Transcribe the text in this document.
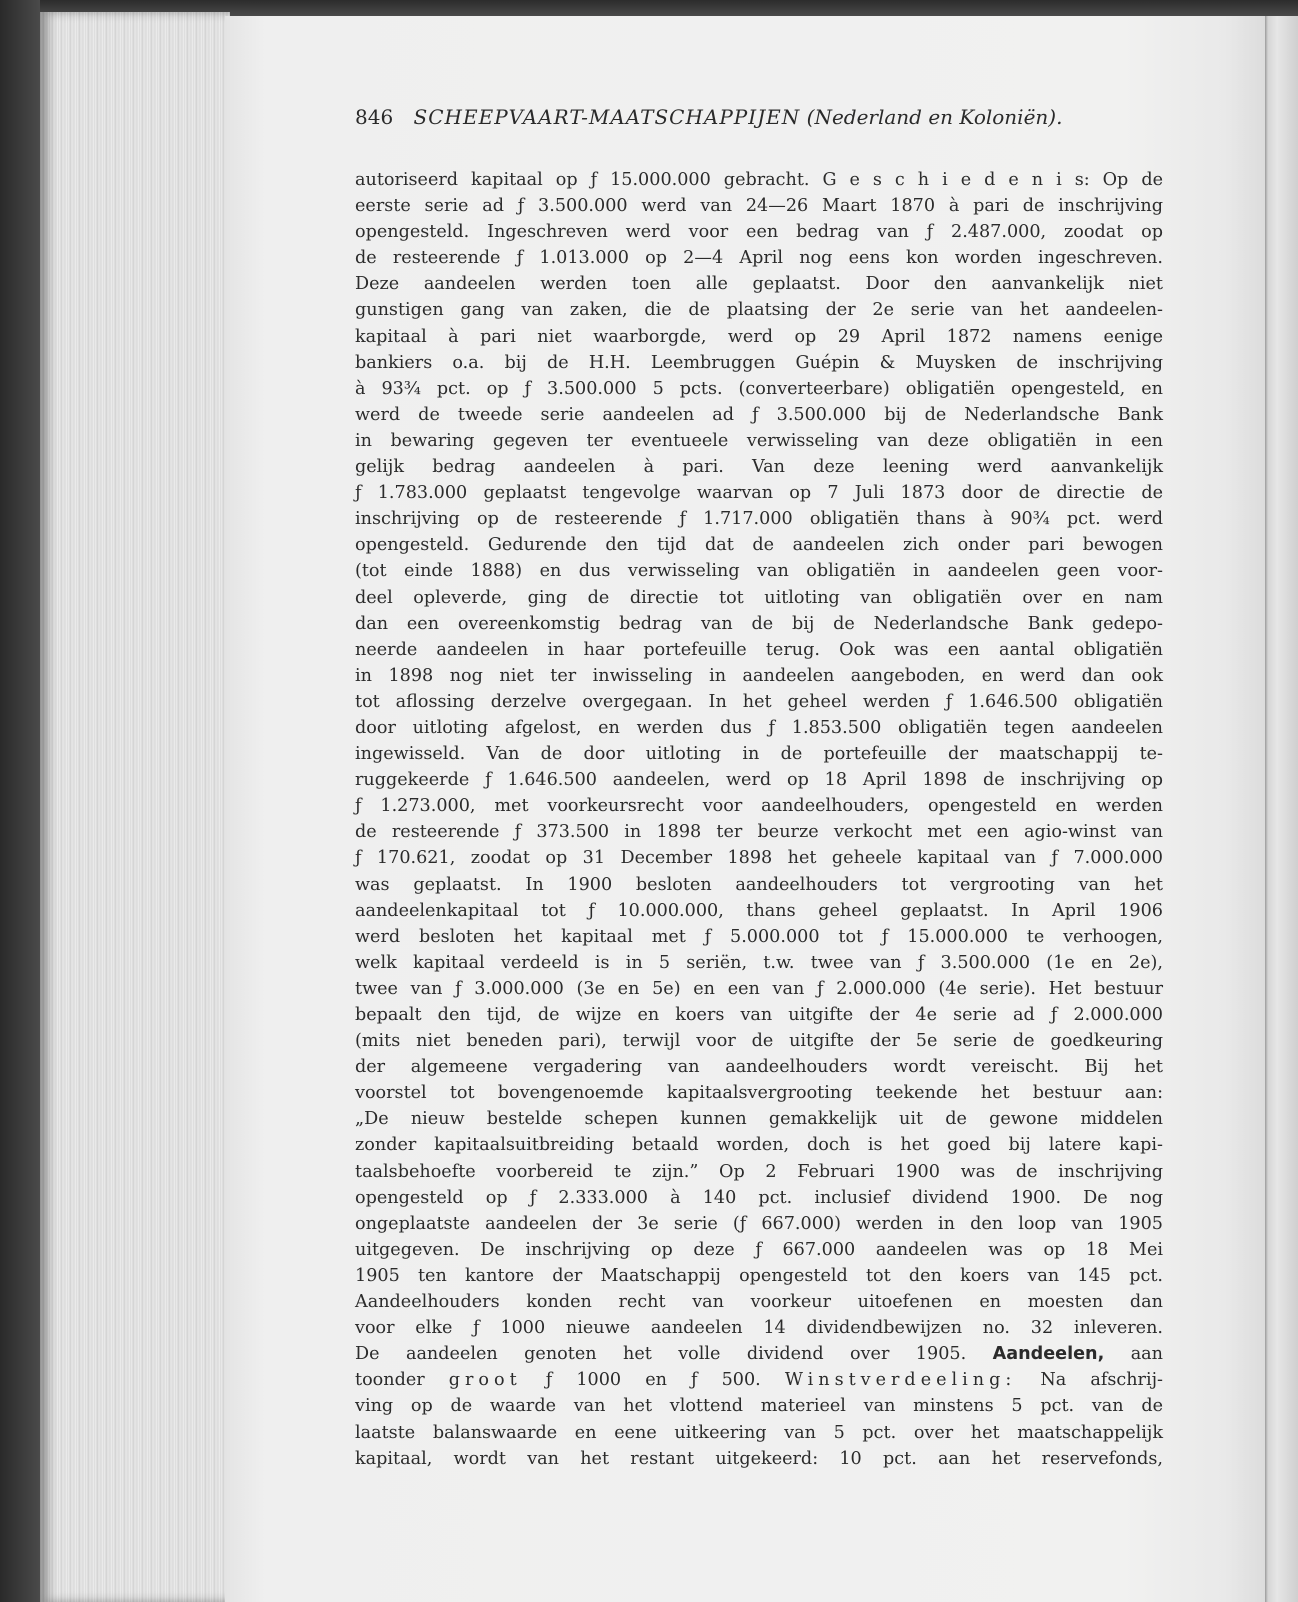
846 SCHEEPVAART-MAATSCHAPPIJEN (Nederland en Koloniën).
autoriseerd kapitaal op ƒ 15.000.000 gebracht. G e s c h i e d e n i s: Op de
eerste serie ad ƒ 3.500.000 werd van 24—26 Maart 1870 à pari de inschrijving
opengesteld. Ingeschreven werd voor een bedrag van ƒ 2.487.000, zoodat op
de resteerende ƒ 1.013.000 op 2—4 April nog eens kon worden ingeschreven.
Deze aandeelen werden toen alle geplaatst. Door den aanvankelijk niet
gunstigen gang van zaken, die de plaatsing der 2e serie van het aandeelen-
kapitaal à pari niet waarborgde, werd op 29 April 1872 namens eenige
bankiers o.a. bij de H.H. Leembruggen Guépin & Muysken de inschrijving
à 93¾ pct. op ƒ 3.500.000 5 pcts. (converteerbare) obligatiën opengesteld, en
werd de tweede serie aandeelen ad ƒ 3.500.000 bij de Nederlandsche Bank
in bewaring gegeven ter eventueele verwisseling van deze obligatiën in een
gelijk bedrag aandeelen à pari. Van deze leening werd aanvankelijk
ƒ 1.783.000 geplaatst tengevolge waarvan op 7 Juli 1873 door de directie de
inschrijving op de resteerende ƒ 1.717.000 obligatiën thans à 90¾ pct. werd
opengesteld. Gedurende den tijd dat de aandeelen zich onder pari bewogen
(tot einde 1888) en dus verwisseling van obligatiën in aandeelen geen voor-
deel opleverde, ging de directie tot uitloting van obligatiën over en nam
dan een overeenkomstig bedrag van de bij de Nederlandsche Bank gedepo-
neerde aandeelen in haar portefeuille terug. Ook was een aantal obligatiën
in 1898 nog niet ter inwisseling in aandeelen aangeboden, en werd dan ook
tot aflossing derzelve overgegaan. In het geheel werden ƒ 1.646.500 obligatiën
door uitloting afgelost, en werden dus ƒ 1.853.500 obligatiën tegen aandeelen
ingewisseld. Van de door uitloting in de portefeuille der maatschappij te-
ruggekeerde ƒ 1.646.500 aandeelen, werd op 18 April 1898 de inschrijving op
ƒ 1.273.000, met voorkeursrecht voor aandeelhouders, opengesteld en werden
de resteerende ƒ 373.500 in 1898 ter beurze verkocht met een agio-winst van
ƒ 170.621, zoodat op 31 December 1898 het geheele kapitaal van ƒ 7.000.000
was geplaatst. In 1900 besloten aandeelhouders tot vergrooting van het
aandeelenkapitaal tot ƒ 10.000.000, thans geheel geplaatst. In April 1906
werd besloten het kapitaal met ƒ 5.000.000 tot ƒ 15.000.000 te verhoogen,
welk kapitaal verdeeld is in 5 seriën, t.w. twee van ƒ 3.500.000 (1e en 2e),
twee van ƒ 3.000.000 (3e en 5e) en een van ƒ 2.000.000 (4e serie). Het bestuur
bepaalt den tijd, de wijze en koers van uitgifte der 4e serie ad ƒ 2.000.000
(mits niet beneden pari), terwijl voor de uitgifte der 5e serie de goedkeuring
der algemeene vergadering van aandeelhouders wordt vereischt. Bij het
voorstel tot bovengenoemde kapitaalsvergrooting teekende het bestuur aan:
„De nieuw bestelde schepen kunnen gemakkelijk uit de gewone middelen
zonder kapitaalsuitbreiding betaald worden, doch is het goed bij latere kapi-
taalsbehoefte voorbereid te zijn.” Op 2 Februari 1900 was de inschrijving
opengesteld op ƒ 2.333.000 à 140 pct. inclusief dividend 1900. De nog
ongeplaatste aandeelen der 3e serie (ƒ 667.000) werden in den loop van 1905
uitgegeven. De inschrijving op deze ƒ 667.000 aandeelen was op 18 Mei
1905 ten kantore der Maatschappij opengesteld tot den koers van 145 pct.
Aandeelhouders konden recht van voorkeur uitoefenen en moesten dan
voor elke ƒ 1000 nieuwe aandeelen 14 dividendbewijzen no. 32 inleveren.
De aandeelen genoten het volle dividend over 1905. Aandeelen, aan
toonder groot ƒ 1000 en ƒ 500. Winstverdeeling: Na afschrij-
ving op de waarde van het vlottend materieel van minstens 5 pct. van de
laatste balanswaarde en eene uitkeering van 5 pct. over het maatschappelijk
kapitaal, wordt van het restant uitgekeerd: 10 pct. aan het reservefonds,
